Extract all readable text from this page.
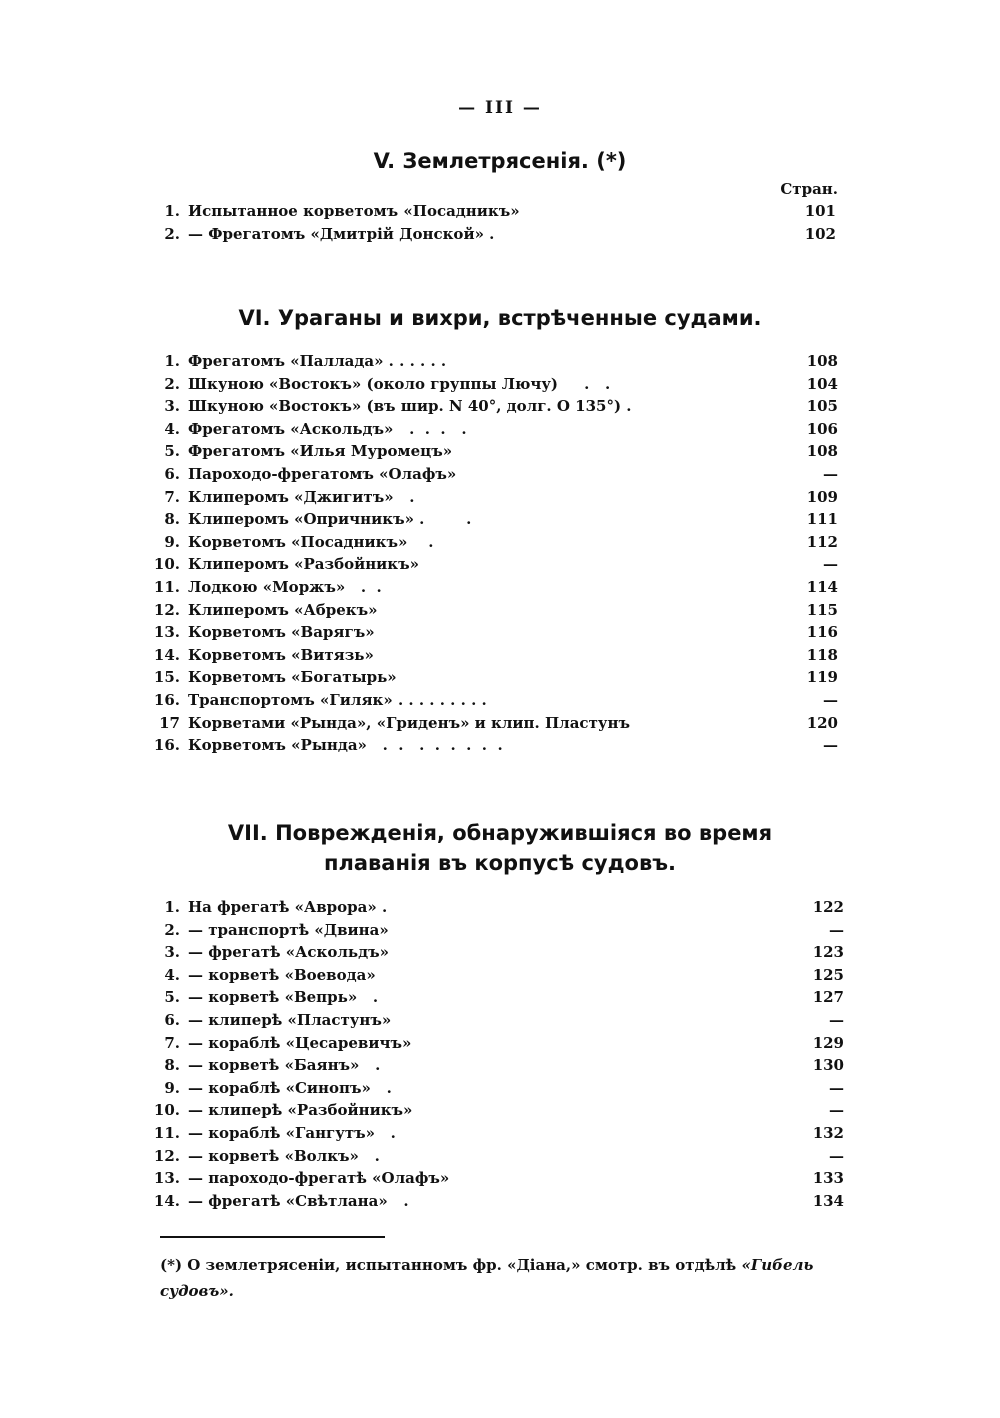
— III —
V. Землетрясенія. (*)
Стран.
VI. Ураганы и вихри, встрѣченные судами.
VII. Поврежденія, обнаружившіяся во время плаванія въ корпусѣ судовъ.
1. Испытанное корветомъ «Посадникъ»	101
2. — Фрегатомъ «Дмитрій Донской» .	102
1. Фрегатомъ «Паллада» . . . . . .	108
2. Шкуною «Востокъ» (около группы Лючу)     .   .	104
3. Шкуною «Востокъ» (въ шир. N 40°, долг. О 135°) .	105
4. Фрегатомъ «Аскольдъ»   .  .  .   .	106
5. Фрегатомъ «Илья Муромецъ»	108
6. Пароходо-фрегатомъ «Олафъ»	—
7. Клиперомъ «Джигитъ»   .	109
8. Клиперомъ «Опричникъ» .        .	111
9. Корветомъ «Посадникъ»    .	112
10. Клиперомъ «Разбойникъ»	—
11. Лодкою «Моржъ»   .  .	114
12. Клиперомъ «Абрекъ»	115
13. Корветомъ «Варягъ»	116
14. Корветомъ «Витязь»	118
15. Корветомъ «Богатырь»	119
16. Транспортомъ «Гиляк» . . . . . . . . .	—
17 Корветами «Рында», «Гриденъ» и клип. Пластунъ	120
16. Корветомъ «Рында»   .  .   .  .  .  .  .  .	—
1. На фрегатѣ «Аврора» .	122
2. — транспортѣ «Двина»	—
3. — фрегатѣ «Аскольдъ»	123
4. — корветѣ «Воевода»	125
5. — корветѣ «Вепрь»   .	127
6. — клиперѣ «Пластунъ»	—
7. — кораблѣ «Цесаревичъ»	129
8. — корветѣ «Баянъ»   .	130
9. — кораблѣ «Синопъ»   .	—
10. — клиперѣ «Разбойникъ»	—
11. — кораблѣ «Гангутъ»   .	132
12. — корветѣ «Волкъ»   .	—
13. — пароходо-фрегатѣ «Олафъ»	133
14. — фрегатѣ «Свѣтлана»   .	134
(*) О землетрясеніи, испытанномъ фр. «Діана,» смотр. въ отдѣлѣ «Гибель судовъ».
